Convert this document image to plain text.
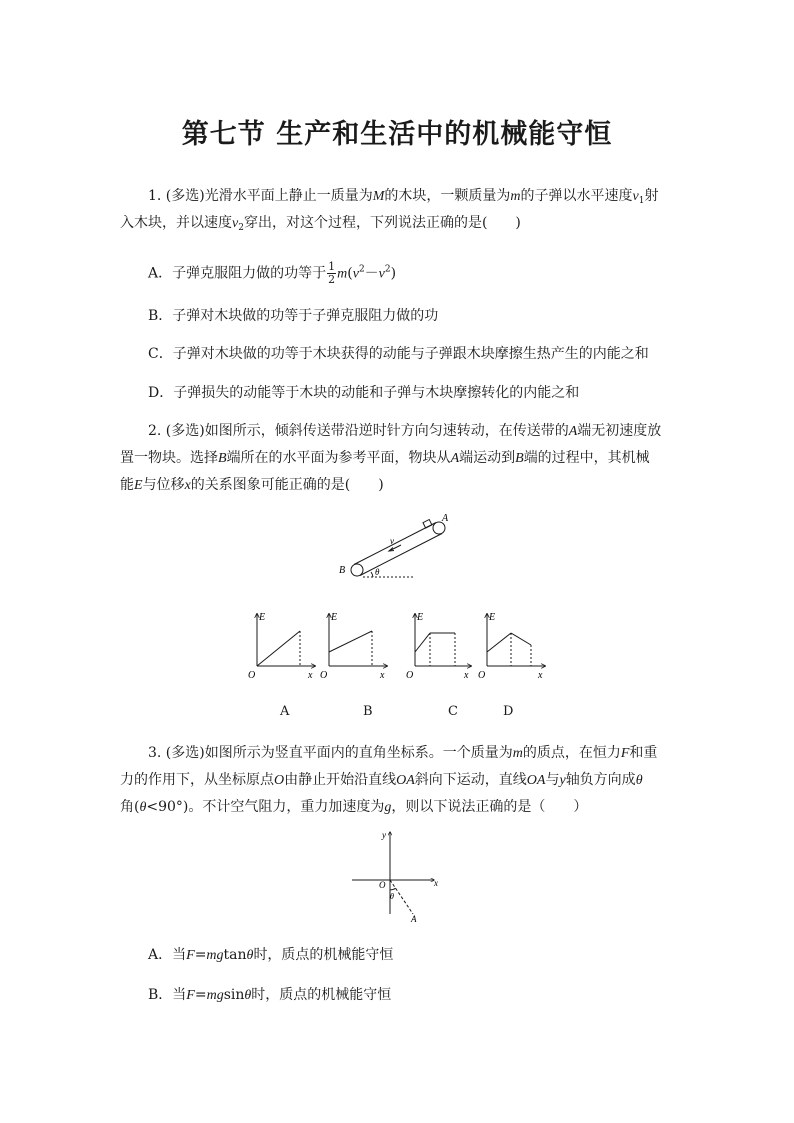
第七节 生产和生活中的机械能守恒
1. (多选)光滑水平面上静止一质量为M的木块，一颗质量为m的子弹以水平速度$v_1$射
入木块，并以速度$v_2$穿出，对这个过程，下列说法正确的是(　　)
A．子弹克服阻力做的功等于 $\frac{1}{2} m(v^2-v^2)$
B．子弹对木块做的功等于子弹克服阻力做的功
C．子弹对木块做的功等于木块获得的动能与子弹跟木块摩擦生热产生的内能之和
D．子弹损失的动能等于木块的动能和子弹与木块摩擦转化的内能之和
2. (多选)如图所示，倾斜传送带沿逆时针方向匀速转动，在传送带的A端无初速度放
置一物块。选择B端所在的水平面为参考平面，物块从A端运动到B端的过程中，其机械
能E与位移x的关系图象可能正确的是(　　)
A
B
v
θ
E
O	x
E
O	x
E
O	x
E
O	x
A	B	C	D
3. (多选)如图所示为竖直平面内的直角坐标系。一个质量为m的质点，在恒力F和重
力的作用下，从坐标原点O由静止开始沿直线OA斜向下运动，直线OA与y轴负方向成θ
角(θ<90°)。不计空气阻力，重力加速度为g，则以下说法正确的是（　　）
y
x
O
θ
A
A．当F=mgtanθ时，质点的机械能守恒
B．当F=mgsinθ时，质点的机械能守恒
